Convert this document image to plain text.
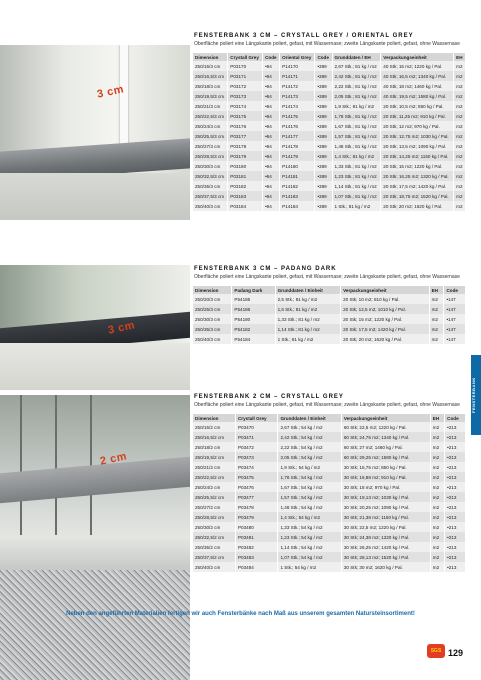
3 cm
3 cm
2 cm
FENSTERBANK 3 CM – CRYSTALL GREY / ORIENTAL GREY
Oberfläche poliert eine Längskante poliert, gefast, mit Wassernase; zweite Längskante poliert, gefast, ohne Wassernase
Dimension	Crystall Grey	Code	Oriental Grey	Code	Grunddaten / EH	Verpackungseinheit	EH
250/15/3 cm	P03170	•94	P14170	•389	2,67 Stk.; 81 kg / m2	40 Stk; 15 m2; 1220 kg / Pal.	m2
250/16,5/3 cm	P03171	•94	P14171	•389	2,42 Stk.; 81 kg / m2	40 Stk; 16,5 m2; 1340 kg / Pal.	m2
250/18/3 cm	P03172	•94	P14172	•389	2,22 Stk.; 81 kg / m2	40 Stk; 18 m2; 1460 kg / Pal.	m2
250/19,5/3 cm	P03173	•94	P14173	•389	2,05 Stk.; 81 kg / m2	40 Stk; 19,5 m2; 1580 kg / Pal.	m2
250/21/3 cm	P03174	•94	P14174	•389	1,9 Stk.; 81 kg / m2	20 Stk; 10,5 m2; 850 kg / Pal.	m2
250/22,5/3 cm	P03175	•94	P14175	•389	1,78 Stk.; 81 kg / m2	20 Stk; 11,25 m2; 910 kg / Pal.	m2
250/24/3 cm	P03176	•94	P14176	•389	1,67 Stk.; 81 kg / m2	20 Stk; 12 m2; 970 kg / Pal.	m2
250/25,5/3 cm	P03177	•94	P14177	•389	1,57 Stk.; 81 kg / m2	20 Stk; 12,75 m2; 1030 kg / Pal.	m2
250/27/3 cm	P03178	•94	P14178	•389	1,48 Stk.; 81 kg / m2	20 Stk; 13,5 m2; 1090 kg / Pal.	m2
250/28,5/3 cm	P03179	•94	P14179	•389	1,4 Stk.; 81 kg / m2	20 Stk; 14,25 m2; 1150 kg / Pal.	m2
250/30/3 cm	P03180	•94	P14180	•389	1,33 Stk.; 81 kg / m2	20 Stk; 15 m2; 1220 kg / Pal.	m2
250/32,5/3 cm	P03181	•94	P14181	•389	1,23 Stk.; 81 kg / m2	20 Stk; 16,25 m2; 1320 kg / Pal.	m2
250/35/3 cm	P03182	•94	P14182	•389	1,14 Stk.; 81 kg / m2	20 Stk; 17,5 m2; 1420 kg / Pal.	m2
250/37,5/3 cm	P03183	•94	P14183	•389	1,07 Stk.; 81 kg / m2	20 Stk; 18,75 m2; 1520 kg / Pal.	m2
250/40/3 cm	P03184	•94	P14184	•389	1 Stk.; 81 kg / m2	20 Stk; 20 m2; 1620 kg / Pal.	m2
FENSTERBANK 3 CM – PADANG DARK
Oberfläche poliert eine Längskante poliert, gefast, mit Wassernase; zweite Längskante poliert, gefast, ohne Wassernase
Dimension	Padang Dark	Grunddaten / Einheit	Verpackungseinheit	EH	Code
250/20/3 cm	P54185	2,5 Stk.; 81 kg / m2	20 Stk; 10 m2; 810 kg / Pal.	m2	•147
250/25/3 cm	P54186	1,6 Stk.; 81 kg / m2	20 Stk; 12,5 m2; 1010 kg / Pal.	m2	•147
250/30/3 cm	P54180	1,33 Stk.; 81 kg / m2	20 Stk; 15 m2; 1220 kg / Pal.	m2	•147
250/35/3 cm	P54182	1,14 Stk.; 81 kg / m2	20 Stk; 17,5 m2; 1420 kg / Pal.	m2	•147
250/40/3 cm	P54184	1 Stk.; 81 kg / m2	20 Stk; 20 m2; 1620 kg / Pal.	m2	•147
FENSTERBANK 2 CM – CRYSTALL GREY
Oberfläche poliert eine Längskante poliert, gefast, mit Wassernase; zweite Längskante poliert, gefast, ohne Wassernase
Dimension	Crystall Grey	Grunddaten / Einheit	Verpackungseinheit	EH	Code
250/15/2 cm	P03470	2,67 Stk.; 54 kg / m2	60 Stk; 22,5 m2; 1220 kg / Pal.	m2	•213
250/16,5/2 cm	P03471	2,42 Stk.; 54 kg / m2	60 Stk; 24,75 m2; 1340 kg / Pal.	m2	•213
250/18/2 cm	P03472	2,22 Stk.; 54 kg / m2	60 Stk; 27 m2; 1460 kg / Pal.	m2	•213
250/19,5/2 cm	P03473	2,05 Stk.; 54 kg / m2	60 Stk; 29,25 m2; 1580 kg / Pal.	m2	•213
250/21/2 cm	P03474	1,9 Stk.; 54 kg / m2	30 Stk; 15,75 m2; 850 kg / Pal.	m2	•213
250/22,5/2 cm	P03475	1,78 Stk.; 54 kg / m2	30 Stk; 16,88 m2; 910 kg / Pal.	m2	•213
250/24/2 cm	P03476	1,67 Stk.; 54 kg / m2	30 Stk; 18 m2; 970 kg / Pal.	m2	•213
250/25,5/2 cm	P03477	1,57 Stk.; 54 kg / m2	30 Stk; 19,13 m2; 1030 kg / Pal.	m2	•213
250/27/2 cm	P03478	1,48 Stk.; 54 kg / m2	30 Stk; 20,25 m2; 1090 kg / Pal.	m2	•213
250/28,5/2 cm	P03479	1,4 Stk.; 54 kg / m2	30 Stk; 21,38 m2; 1150 kg / Pal.	m2	•213
250/30/2 cm	P03480	1,33 Stk.; 54 kg / m2	30 Stk; 22,5 m2; 1220 kg / Pal.	m2	•213
250/32,5/2 cm	P03481	1,23 Stk.; 54 kg / m2	30 Stk; 24,38 m2; 1320 kg / Pal.	m2	•213
250/35/2 cm	P03482	1,14 Stk.; 54 kg / m2	30 Stk; 26,25 m2; 1420 kg / Pal.	m2	•213
250/37,5/2 cm	P03483	1,07 Stk.; 54 kg / m2	30 Stk; 28,13 m2; 1520 kg / Pal.	m2	•213
250/40/2 cm	P03484	1 Stk.; 54 kg / m2	30 Stk; 30 m2; 1620 kg / Pal.	m2	•213
FENSTERBANK
Neben den angeführten Materialien fertigen wir auch Fensterbänke nach Maß aus unserem gesamten Natursteinsortiment!
SGS 129
